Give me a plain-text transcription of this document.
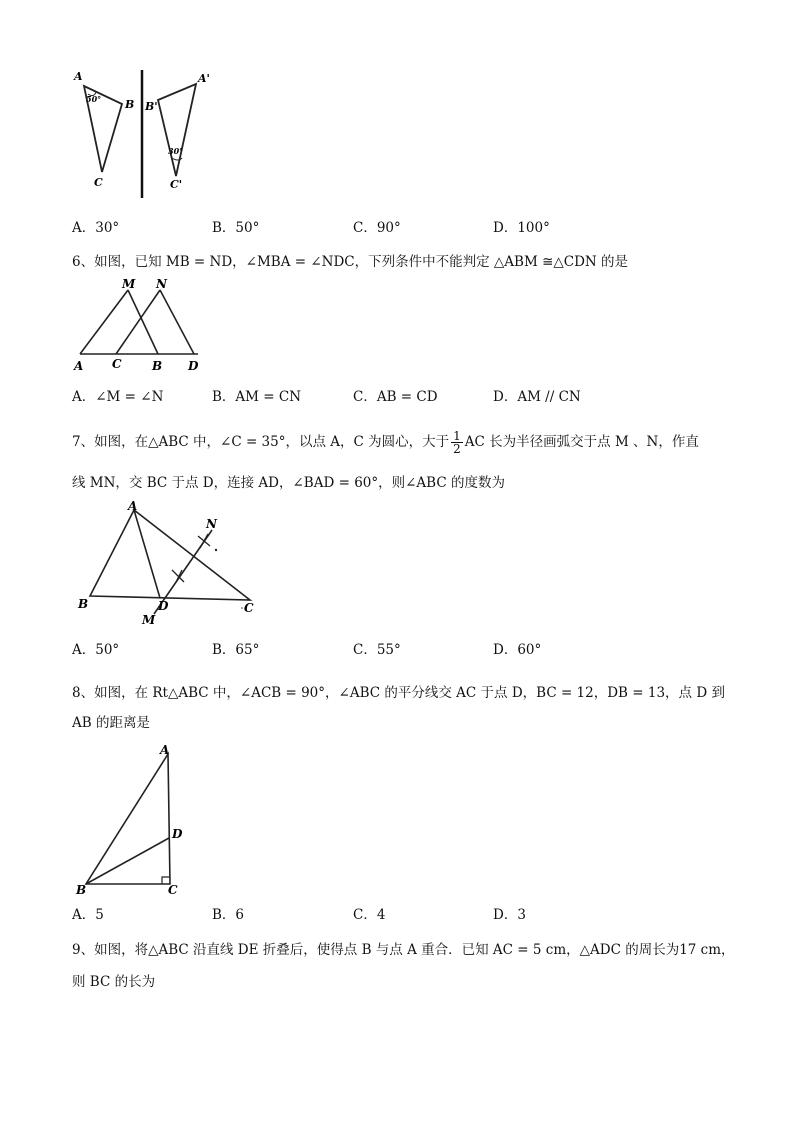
A
B
C
50°
A'
B'
C'
30°
A．30°	B．50°	C．90°	D．100°
6、如图，已知 MB = ND，∠MBA = ∠NDC，下列条件中不能判定 △ABM ≅△CDN 的是
M N
A C	B D
A．∠M = ∠N	B．AM = CN	C．AB = CD	D．AM // CN
7、如图，在△ABC 中，∠C = 35°，以点 A，C 为圆心，大于 $\frac{1}{2}$ AC 长为半径画弧交于点 M 、N，作直
线 MN，交 BC 于点 D，连接 AD，∠BAD = 60°，则∠ABC 的度数为
A
N
B	D	C
M
A．50°	B．65°	C．55°	D．60°
8、如图，在 Rt△ABC 中，∠ACB = 90°，∠ABC 的平分线交 AC 于点 D，BC = 12，DB = 13，点 D 到
AB 的距离是
A
D
B	C
A．5	B．6	C．4	D．3
9、如图，将△ABC 沿直线 DE 折叠后，使得点 B 与点 A 重合．已知 AC = 5 cm，△ADC 的周长为17 cm，
则 BC 的长为
